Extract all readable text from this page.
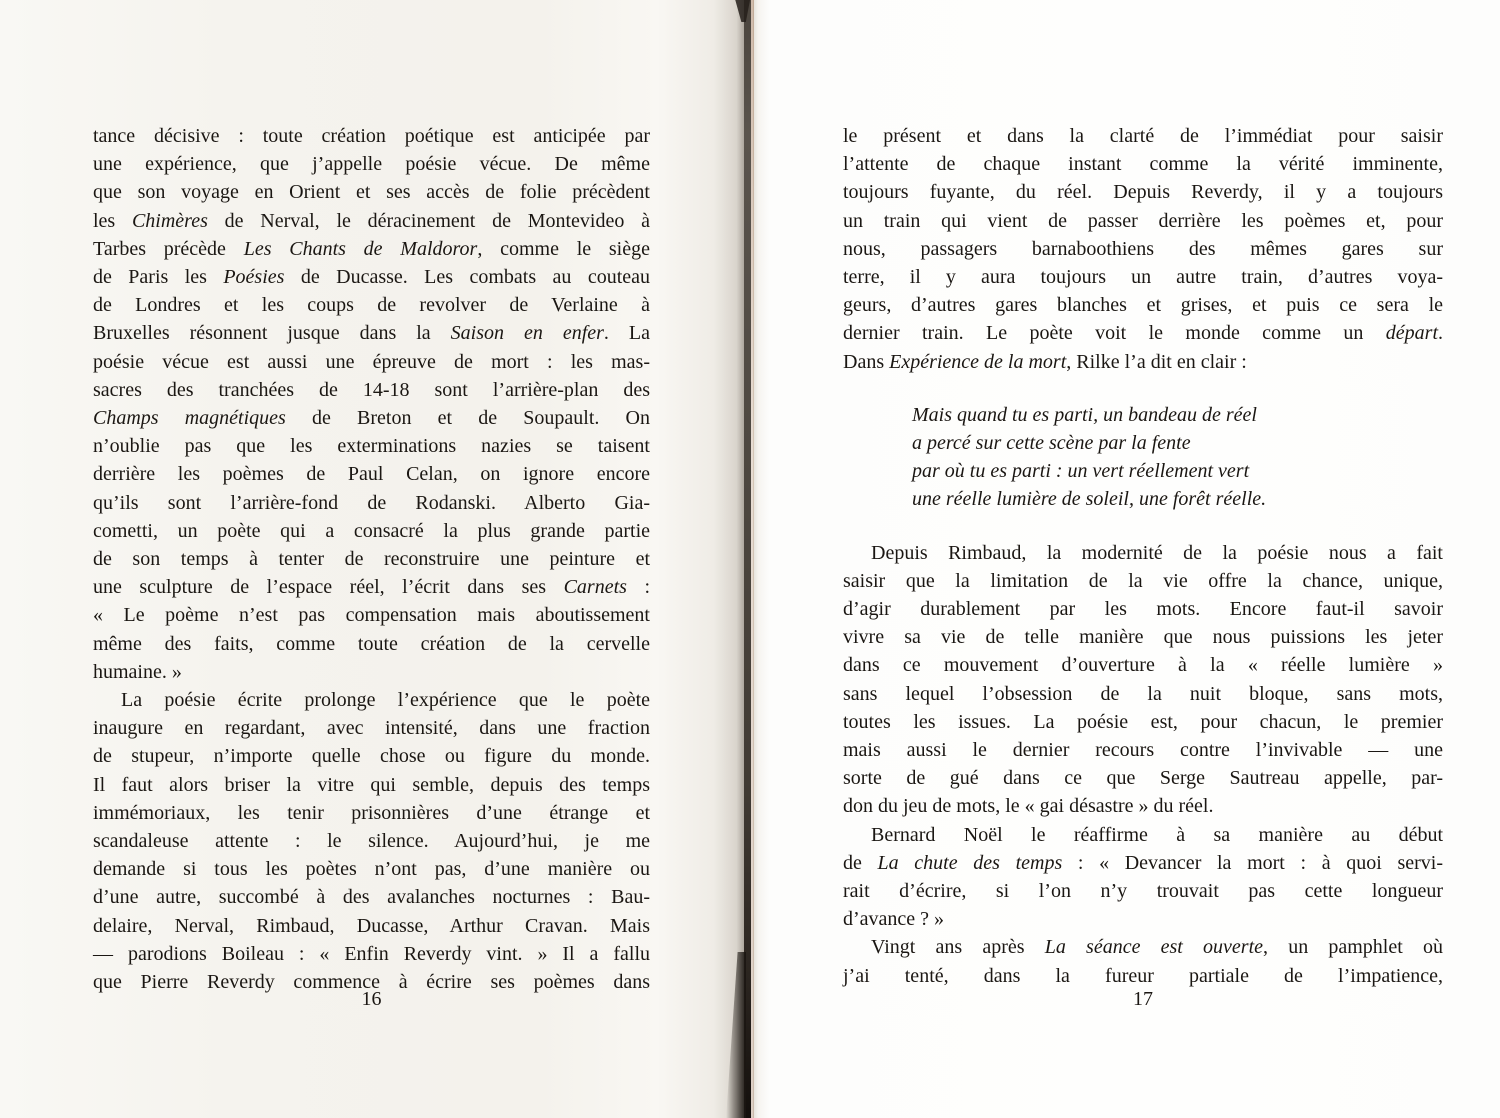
tance décisive : toute création poétique est anticipée par
une expérience, que j’appelle poésie vécue. De même
que son voyage en Orient et ses accès de folie précèdent
les Chimères de Nerval, le déracinement de Montevideo à
Tarbes précède Les Chants de Maldoror, comme le siège
de Paris les Poésies de Ducasse. Les combats au couteau
de Londres et les coups de revolver de Verlaine à
Bruxelles résonnent jusque dans la Saison en enfer. La
poésie vécue est aussi une épreuve de mort : les mas-
sacres des tranchées de 14-18 sont l’arrière-plan des
Champs magnétiques de Breton et de Soupault. On
n’oublie pas que les exterminations nazies se taisent
derrière les poèmes de Paul Celan, on ignore encore
qu’ils sont l’arrière-fond de Rodanski. Alberto Gia-
cometti, un poète qui a consacré la plus grande partie
de son temps à tenter de reconstruire une peinture et
une sculpture de l’espace réel, l’écrit dans ses Carnets :
« Le poème n’est pas compensation mais aboutissement
même des faits, comme toute création de la cervelle
humaine. »
La poésie écrite prolonge l’expérience que le poète
inaugure en regardant, avec intensité, dans une fraction
de stupeur, n’importe quelle chose ou figure du monde.
Il faut alors briser la vitre qui semble, depuis des temps
immémoriaux, les tenir prisonnières d’une étrange et
scandaleuse attente : le silence. Aujourd’hui, je me
demande si tous les poètes n’ont pas, d’une manière ou
d’une autre, succombé à des avalanches nocturnes : Bau-
delaire, Nerval, Rimbaud, Ducasse, Arthur Cravan. Mais
— parodions Boileau : « Enfin Reverdy vint. » Il a fallu
que Pierre Reverdy commence à écrire ses poèmes dans
16
le présent et dans la clarté de l’immédiat pour saisir
l’attente de chaque instant comme la vérité imminente,
toujours fuyante, du réel. Depuis Reverdy, il y a toujours
un train qui vient de passer derrière les poèmes et, pour
nous, passagers barnaboothiens des mêmes gares sur
terre, il y aura toujours un autre train, d’autres voya-
geurs, d’autres gares blanches et grises, et puis ce sera le
dernier train. Le poète voit le monde comme un départ.
Dans Expérience de la mort, Rilke l’a dit en clair :
Mais quand tu es parti, un bandeau de réel
a percé sur cette scène par la fente
par où tu es parti : un vert réellement vert
une réelle lumière de soleil, une forêt réelle.
Depuis Rimbaud, la modernité de la poésie nous a fait
saisir que la limitation de la vie offre la chance, unique,
d’agir durablement par les mots. Encore faut-il savoir
vivre sa vie de telle manière que nous puissions les jeter
dans ce mouvement d’ouverture à la « réelle lumière »
sans lequel l’obsession de la nuit bloque, sans mots,
toutes les issues. La poésie est, pour chacun, le premier
mais aussi le dernier recours contre l’invivable — une
sorte de gué dans ce que Serge Sautreau appelle, par-
don du jeu de mots, le « gai désastre » du réel.
Bernard Noël le réaffirme à sa manière au début
de La chute des temps : « Devancer la mort : à quoi servi-
rait d’écrire, si l’on n’y trouvait pas cette longueur
d’avance ? »
Vingt ans après La séance est ouverte, un pamphlet où
j’ai tenté, dans la fureur partiale de l’impatience,
17
